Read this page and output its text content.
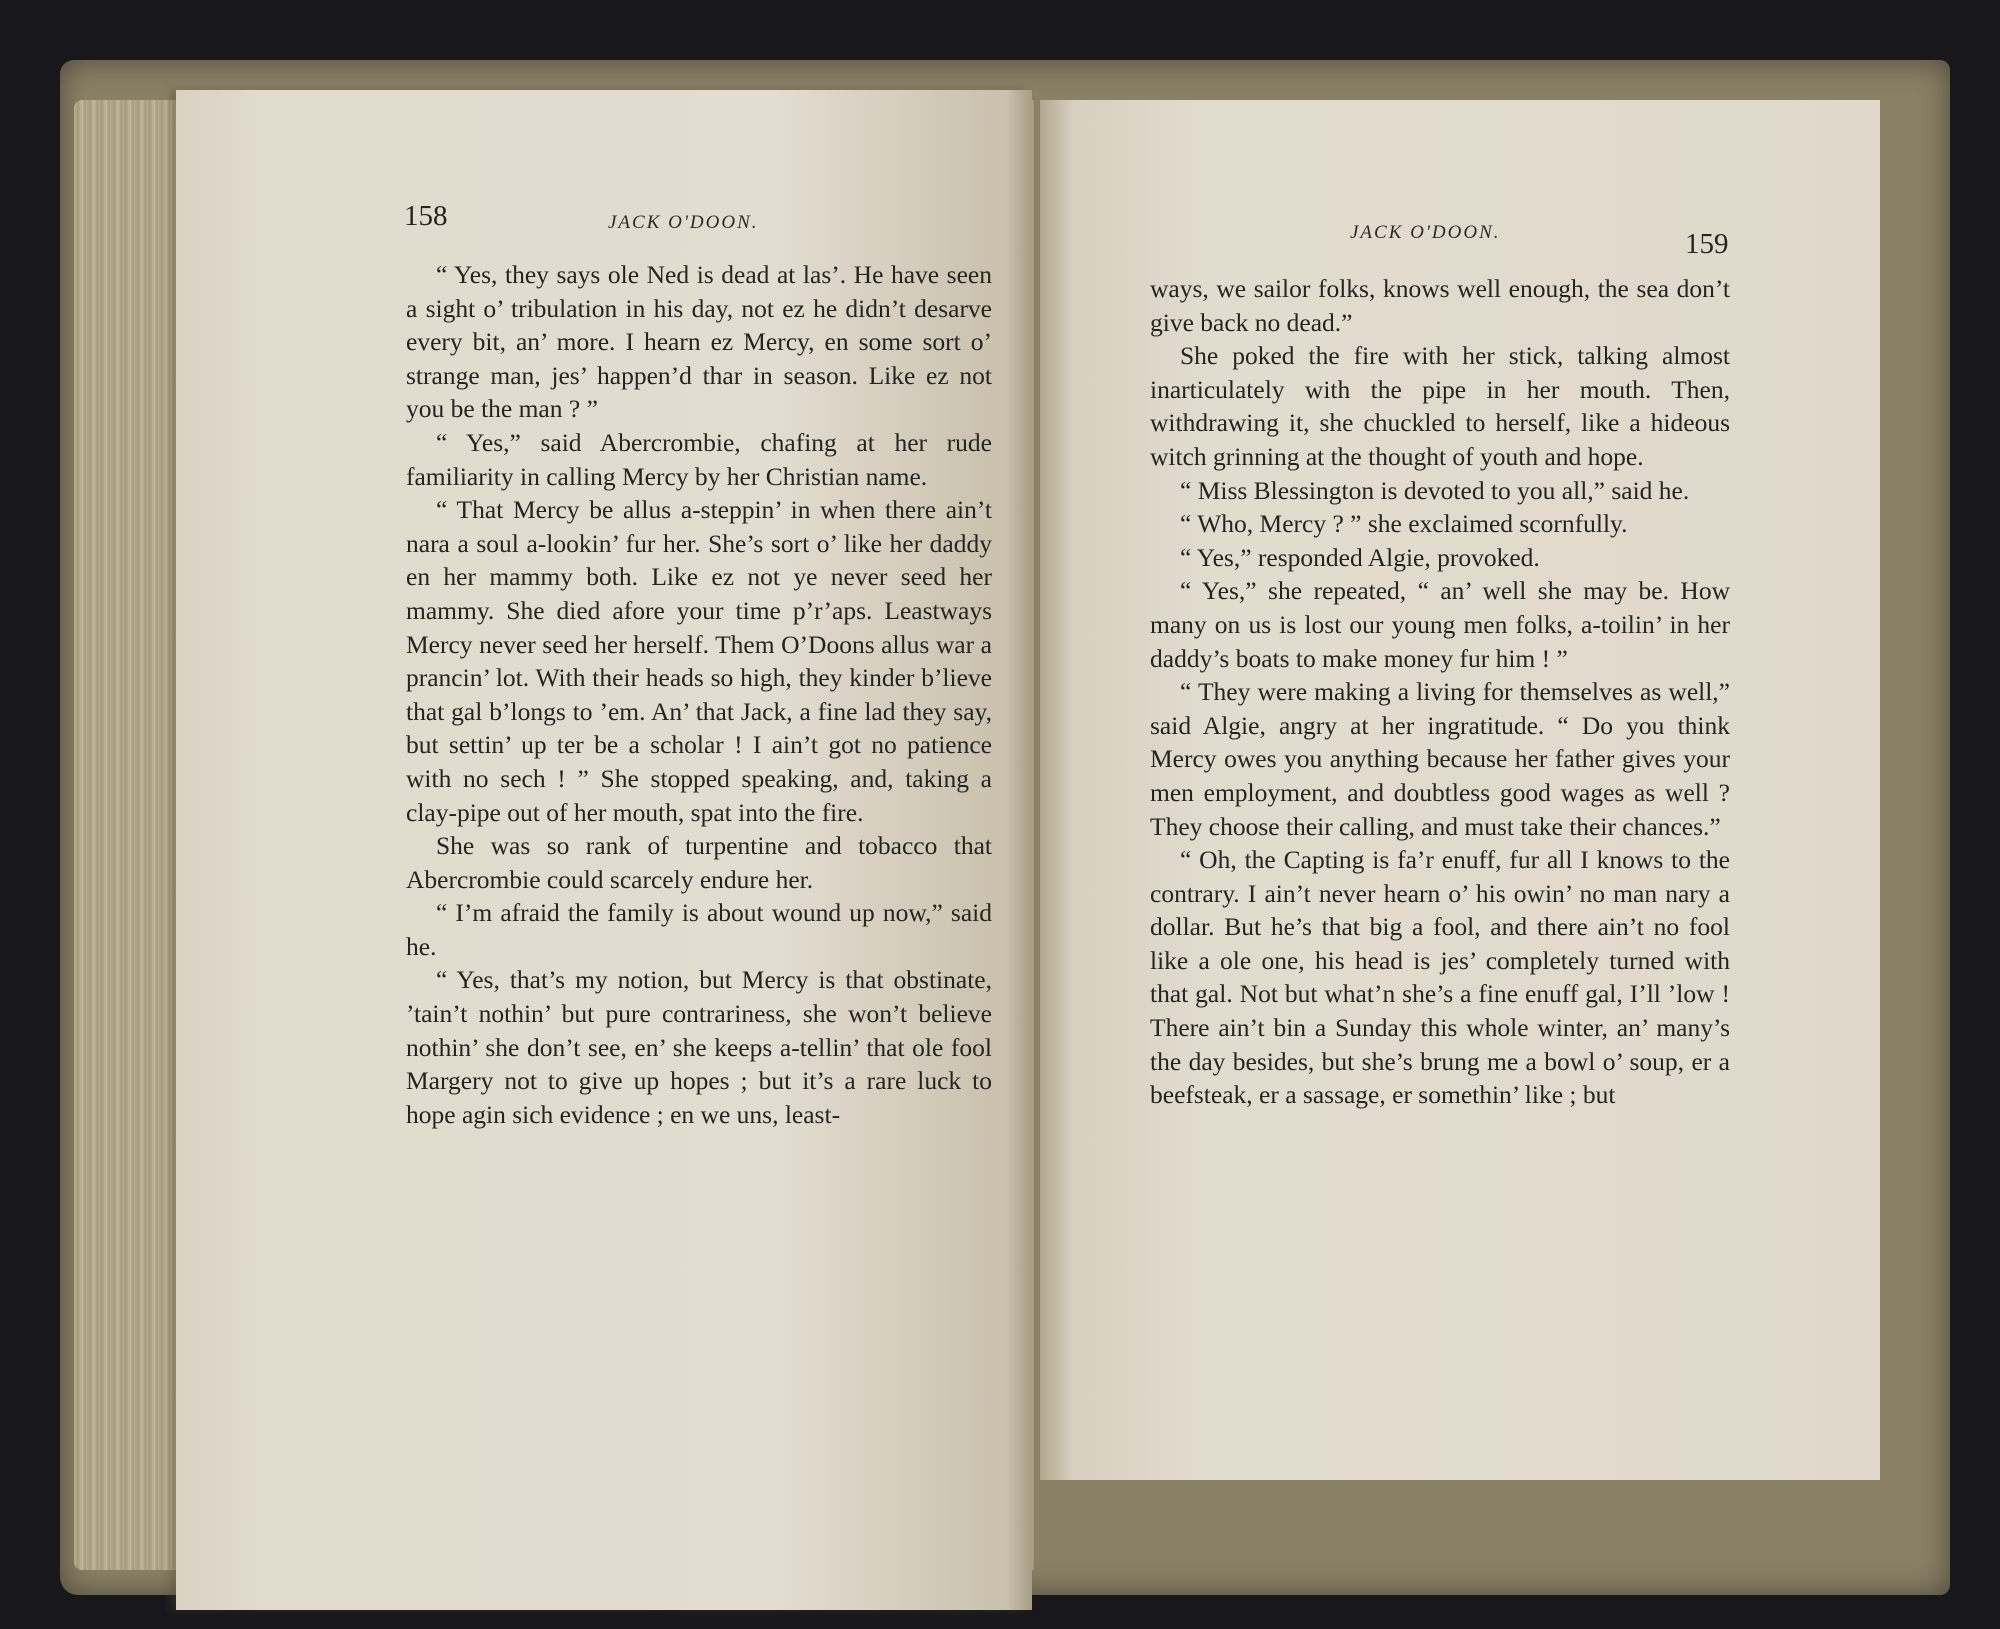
158	JACK O'DOON.

“ Yes, they says ole Ned is dead at las’. He have seen a sight o’ tribulation in his day, not ez he didn’t desarve every bit, an’ more. I hearn ez Mercy, en some sort o’ strange man, jes’ happen’d thar in season. Like ez not you be the man ? ”

“ Yes,” said Abercrombie, chafing at her rude familiarity in calling Mercy by her Christian name.

“ That Mercy be allus a-steppin’ in when there ain’t nara a soul a-lookin’ fur her. She’s sort o’ like her daddy en her mammy both. Like ez not ye never seed her mammy. She died afore your time p’r’aps. Leastways Mercy never seed her herself. Them O’Doons allus war a prancin’ lot. With their heads so high, they kinder b’lieve that gal b’longs to ’em. An’ that Jack, a fine lad they say, but settin’ up ter be a scholar ! I ain’t got no patience with no sech ! ” She stopped speaking, and, taking a clay-pipe out of her mouth, spat into the fire.

She was so rank of turpentine and tobacco that Abercrombie could scarcely endure her.

“ I’m afraid the family is about wound up now,” said he.

“ Yes, that’s my notion, but Mercy is that obstinate, ’tain’t nothin’ but pure contrariness, she won’t believe nothin’ she don’t see, en’ she keeps a-tellin’ that ole fool Margery not to give up hopes ; but it’s a rare luck to hope agin sich evidence ; en we uns, least-

JACK O'DOON.	159

ways, we sailor folks, knows well enough, the sea don’t give back no dead.”

She poked the fire with her stick, talking almost inarticulately with the pipe in her mouth. Then, withdrawing it, she chuckled to herself, like a hideous witch grinning at the thought of youth and hope.

“ Miss Blessington is devoted to you all,” said he.

“ Who, Mercy ? ” she exclaimed scornfully.

“ Yes,” responded Algie, provoked.

“ Yes,” she repeated, “ an’ well she may be. How many on us is lost our young men folks, a-toilin’ in her daddy’s boats to make money fur him ! ”

“ They were making a living for themselves as well,” said Algie, angry at her ingratitude. “ Do you think Mercy owes you anything because her father gives your men employment, and doubtless good wages as well ? They choose their calling, and must take their chances.”

“ Oh, the Capting is fa’r enuff, fur all I knows to the contrary. I ain’t never hearn o’ his owin’ no man nary a dollar. But he’s that big a fool, and there ain’t no fool like a ole one, his head is jes’ completely turned with that gal. Not but what’n she’s a fine enuff gal, I’ll ’low ! There ain’t bin a Sunday this whole winter, an’ many’s the day besides, but she’s brung me a bowl o’ soup, er a beefsteak, er a sassage, er somethin’ like ; but
